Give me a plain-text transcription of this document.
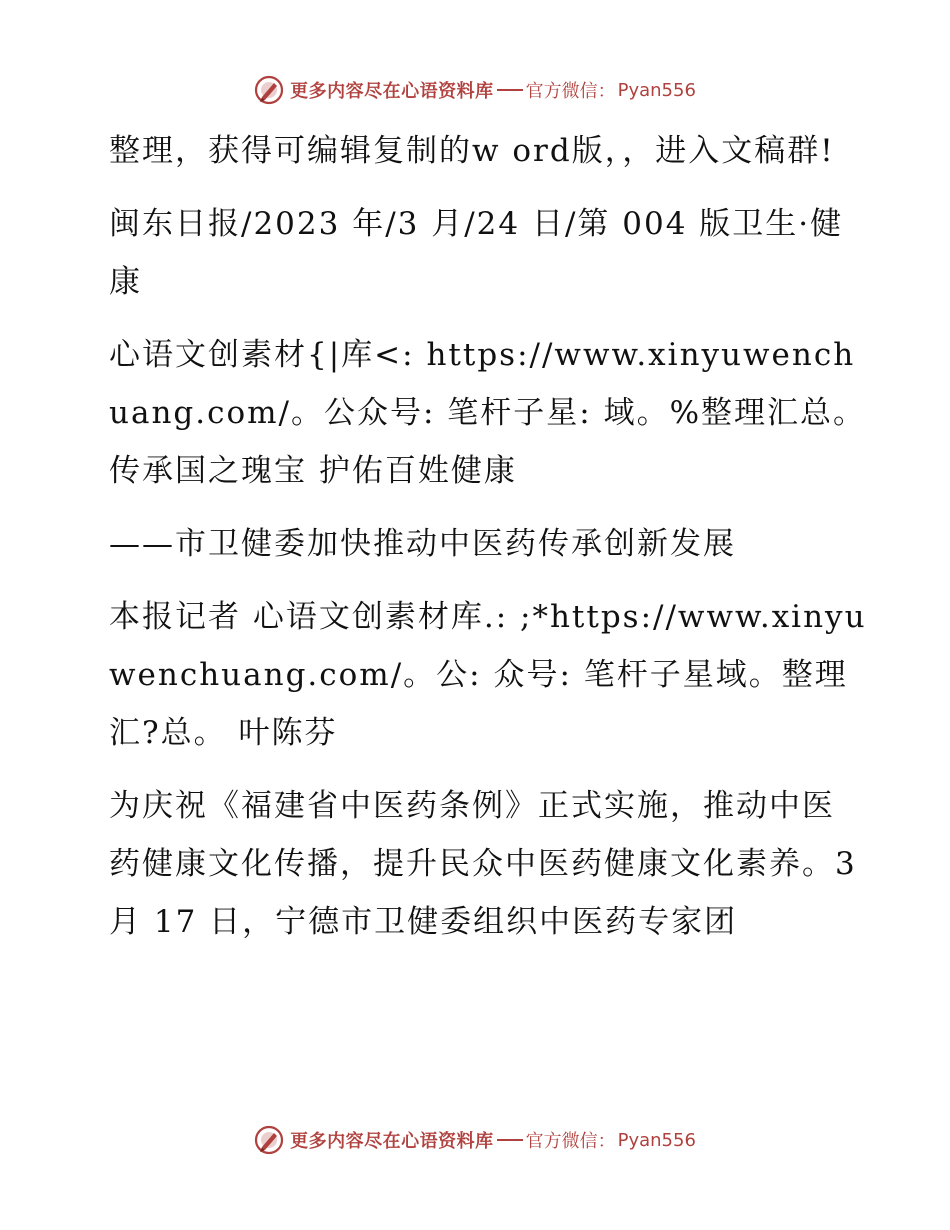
更多内容尽在心语资料库 官方微信： Pyan556

整理，获得可编辑复制的w ord版，，进入文稿群!

闽东日报/2023 年/3 月/24 日/第 004 版卫生·健康

心语文创素材{|库<: https://www.xinyuwenchuang.com/。公众号: 笔杆子星: 域。%整理汇总。传承国之瑰宝 护佑百姓健康

——市卫健委加快推动中医药传承创新发展

本报记者 心语文创素材库.: ;*https://www.xinyuwenchuang.com/。公: 众号: 笔杆子星域。整理汇?总。 叶陈芬

为庆祝《福建省中医药条例》正式实施，推动中医药健康文化传播，提升民众中医药健康文化素养。3 月 17 日，宁德市卫健委组织中医药专家团

更多内容尽在心语资料库 官方微信： Pyan556
